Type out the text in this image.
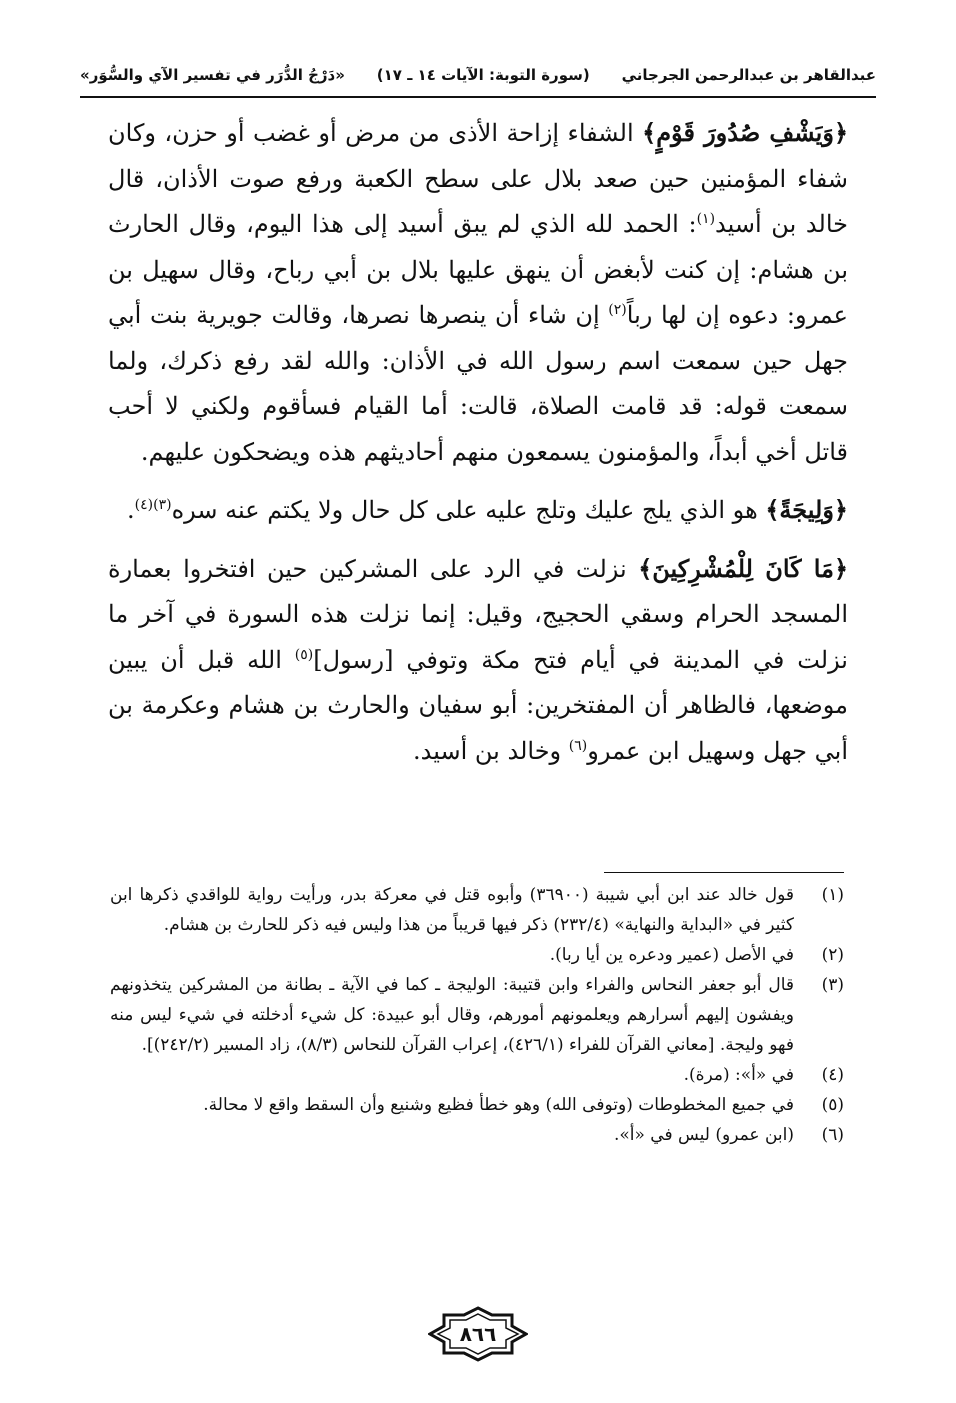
عبدالقاهر بن عبدالرحمن الجرجاني
(سورة التوبة: الآيات ١٤ ـ ١٧)
«دَرْجُ الدُّرَر في تفسير الآي والسُّوَر»

﴿وَيَشْفِ صُدُورَ قَوْمٍ﴾ الشفاء إزاحة الأذى من مرض أو غضب أو حزن، وكان شفاء المؤمنين حين صعد بلال على سطح الكعبة ورفع صوت الأذان، قال خالد بن أسيد$^{(١)}$: الحمد لله الذي لم يبق أسيد إلى هذا اليوم، وقال الحارث بن هشام: إن كنت لأبغض أن ينهق عليها بلال بن أبي رباح، وقال سهيل بن عمرو: دعوه إن لها رباً$^{(٢)}$ إن شاء أن ينصرها نصرها، وقالت جويرية بنت أبي جهل حين سمعت اسم رسول الله في الأذان: والله لقد رفع ذكرك، ولما سمعت قوله: قد قامت الصلاة، قالت: أما القيام فسأقوم ولكني لا أحب قاتل أخي أبداً، والمؤمنون يسمعون منهم أحاديثهم هذه ويضحكون عليهم.

﴿وَلِيجَةً﴾ هو الذي يلج عليك وتلج عليه على كل حال ولا يكتم عنه سره$^{(٣)(٤)}$.

﴿مَا كَانَ لِلْمُشْرِكِينَ﴾ نزلت في الرد على المشركين حين افتخروا بعمارة المسجد الحرام وسقي الحجيج، وقيل: إنما نزلت هذه السورة في آخر ما نزلت في المدينة في أيام فتح مكة وتوفي [رسول]$^{(٥)}$ الله قبل أن يبين موضعها، فالظاهر أن المفتخرين: أبو سفيان والحارث بن هشام وعكرمة بن أبي جهل وسهيل ابن عمرو$^{(٦)}$ وخالد بن أسيد.

(١)
قول خالد عند ابن أبي شيبة (٣٦٩٠٠) وأبوه قتل في معركة بدر، ورأيت رواية للواقدي ذكرها ابن كثير في «البداية والنهاية» (٢٣٢/٤) ذكر فيها قريباً من هذا وليس فيه ذكر للحارث بن هشام.
(٢)
في الأصل (عمير ودعره ين أيا ربا).
(٣)
قال أبو جعفر النحاس والفراء وابن قتيبة: الوليجة ـ كما في الآية ـ بطانة من المشركين يتخذونهم ويفشون إليهم أسرارهم ويعلمونهم أمورهم، وقال أبو عبيدة: كل شيء أدخلته في شيء ليس منه فهو وليجة. [معاني القرآن للفراء (٤٢٦/١)، إعراب القرآن للنحاس (٨/٣)، زاد المسير (٢٤٢/٢)].
(٤)
في «أ»: (مرة).
(٥)
في جميع المخطوطات (وتوفى الله) وهو خطأ فظيع وشنيع وأن السقط واقع لا محالة.
(٦)
(ابن عمرو) ليس في «أ».
٨٦٦
